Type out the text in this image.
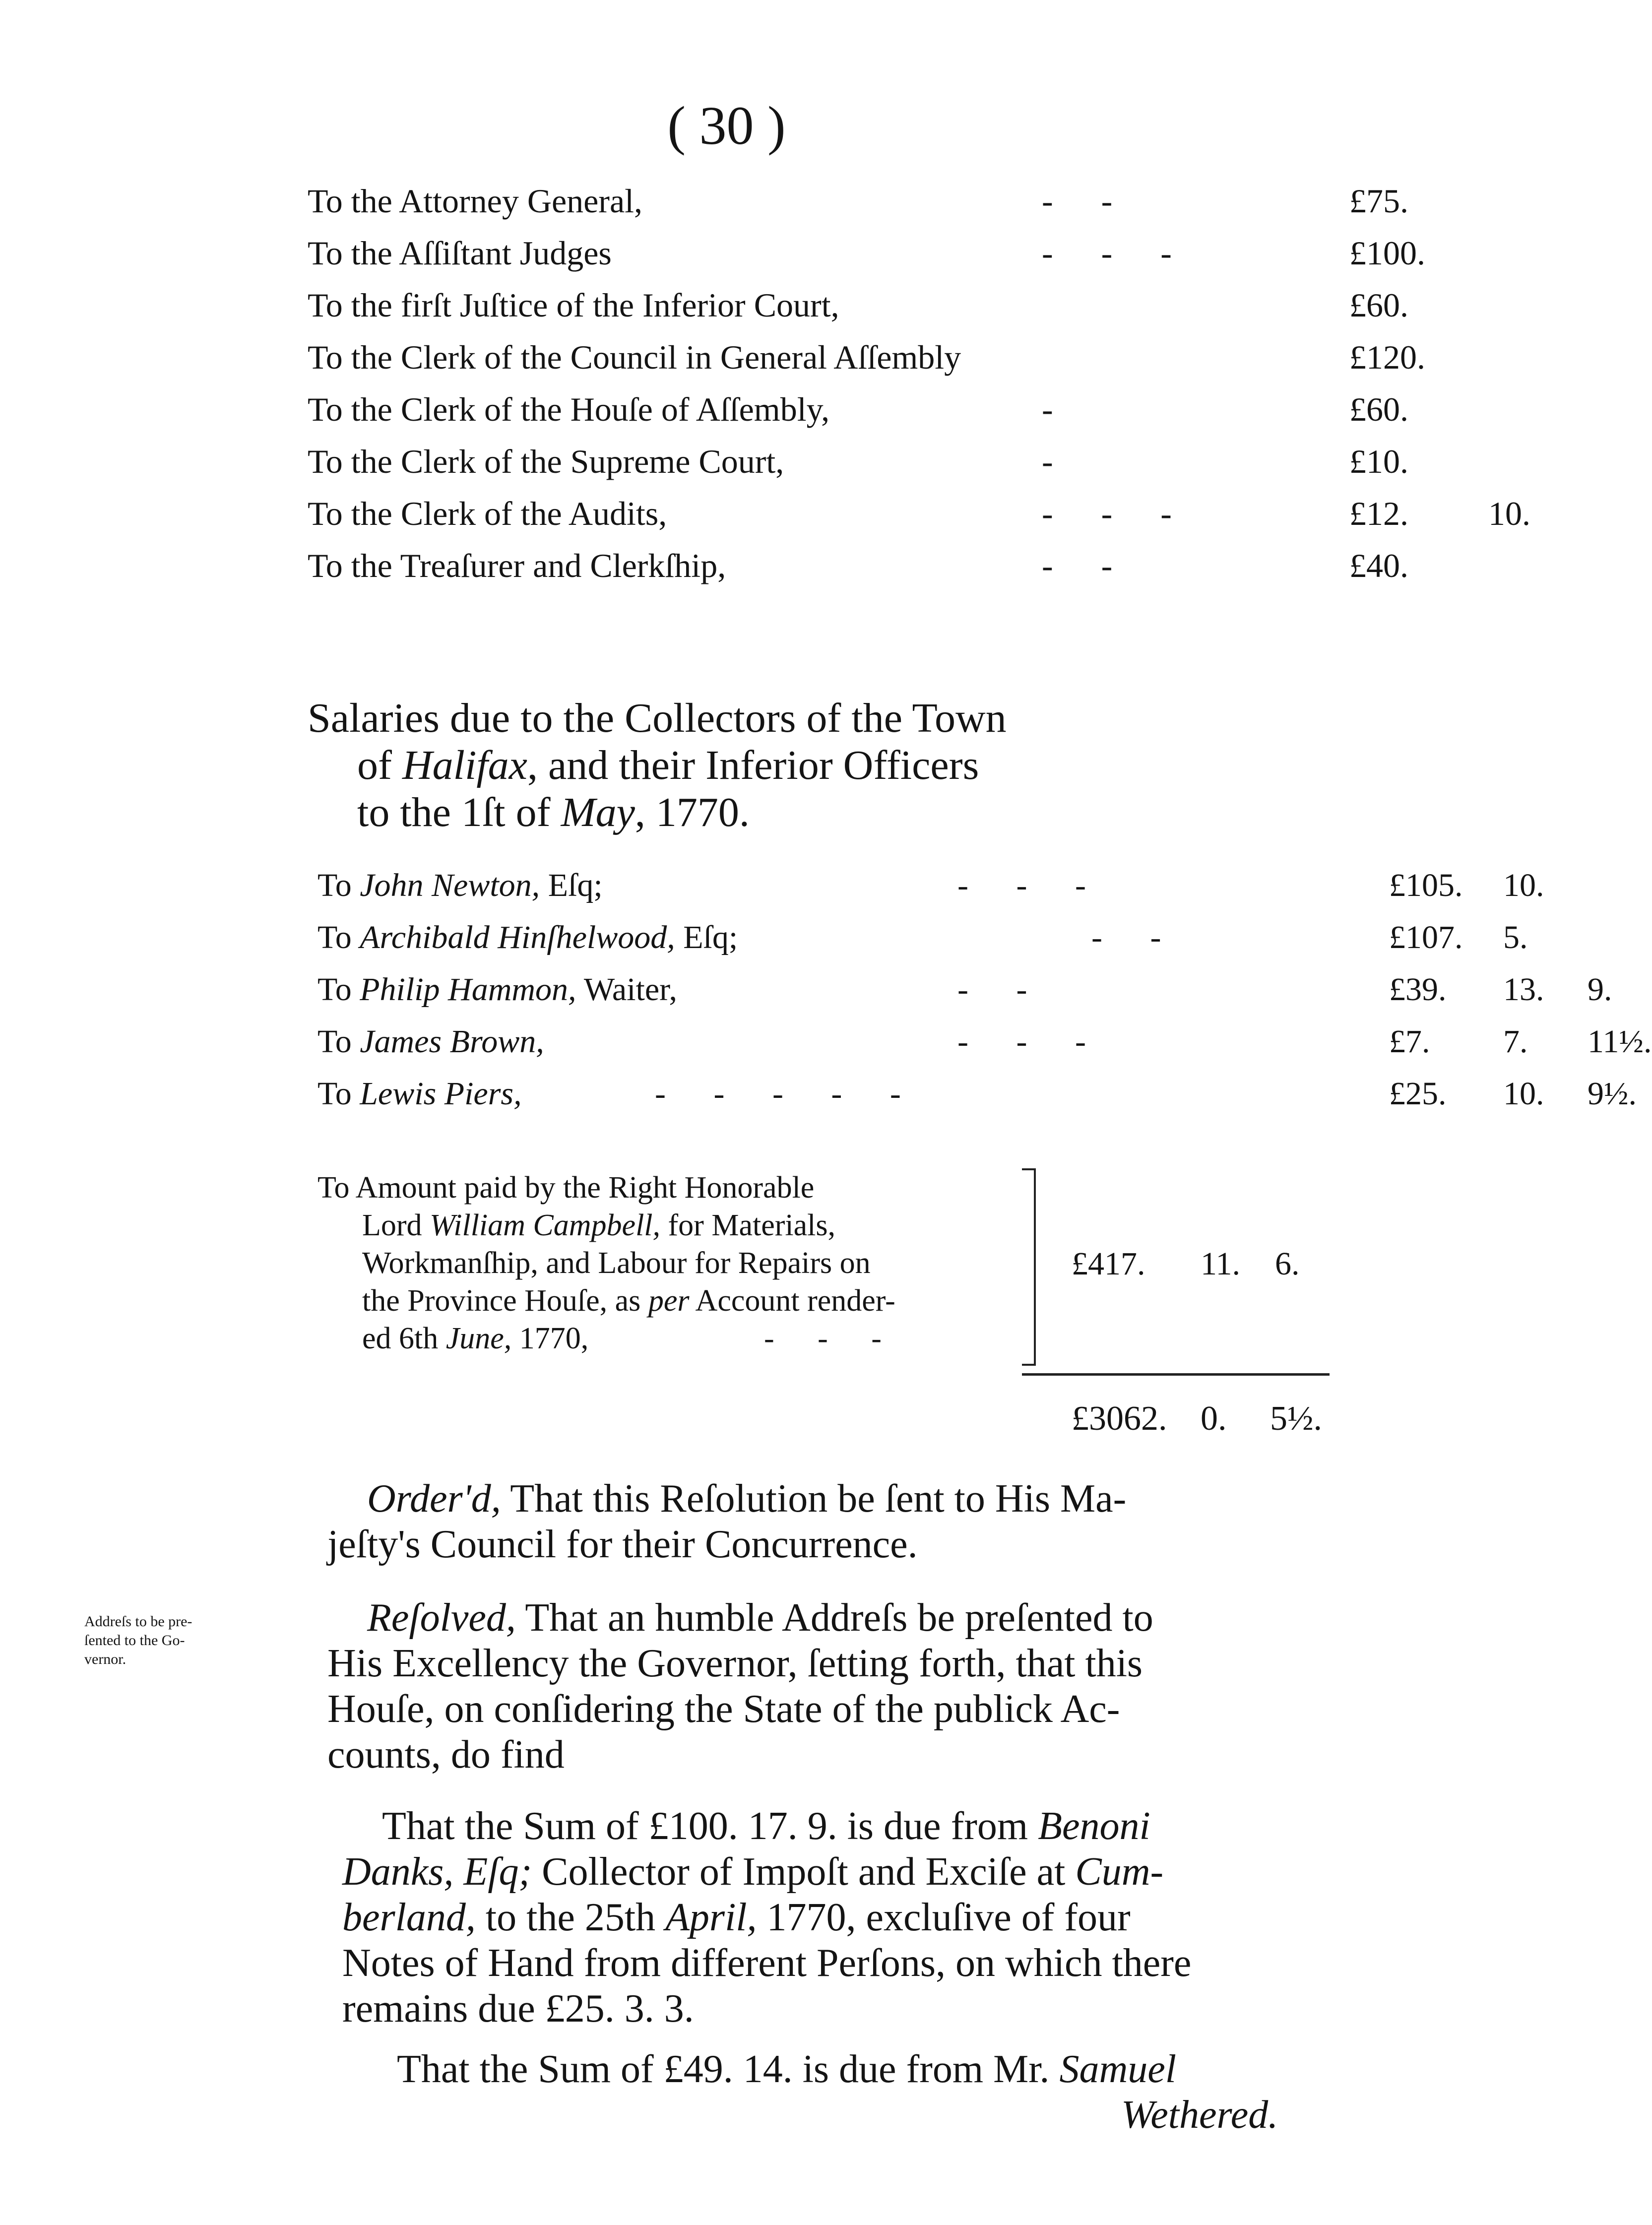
( 30 )
To the Attorney General,	- -	£75.
To the Aſſiſtant Judges	- - -	£100.
To the firſt Juſtice of the Inferior Court,	£60.
To the Clerk of the Council in General Aſſembly	£120.
To the Clerk of the Houſe of Aſſembly,	-	£60.
To the Clerk of the Supreme Court,	-	£10.
To the Clerk of the Audits,	- - -	£12. 10.
To the Treaſurer and Clerkſhip,	- -	£40.
Salaries due to the Collectors of the Town
of Halifax, and their Inferior Officers
to the 1ſt of May, 1770.
To John Newton, Eſq;	- - -	£105. 10.
To Archibald Hinſhelwood, Eſq;	- -	£107. 5.
To Philip Hammon, Waiter,	- -	£39. 13. 9.
To James Brown,	- - -	£7. 7. 11½.
To Lewis Piers,	- - - - -	£25. 10. 9½.
To Amount paid by the Right Honorable
Lord William Campbell, for Materials,
Workmanſhip, and Labour for Repairs on
the Province Houſe, as per Account render-
ed 6th June, 1770,	- - -
£417. 11. 6.
£3062. 0. 5½.
Order'd, That this Reſolution be ſent to His Ma-
jeſty's Council for their Concurrence.
Addreſs to be pre-
ſented to the Go-
vernor.
Reſolved, That an humble Addreſs be preſented to
His Excellency the Governor, ſetting forth, that this
Houſe, on conſidering the State of the publick Ac-
counts, do find
That the Sum of £100. 17. 9. is due from Benoni
Danks, Eſq; Collector of Impoſt and Exciſe at Cum-
berland, to the 25th April, 1770, excluſive of four
Notes of Hand from different Perſons, on which there
remains due £25. 3. 3.
That the Sum of £49. 14. is due from Mr. Samuel
Wethered.
